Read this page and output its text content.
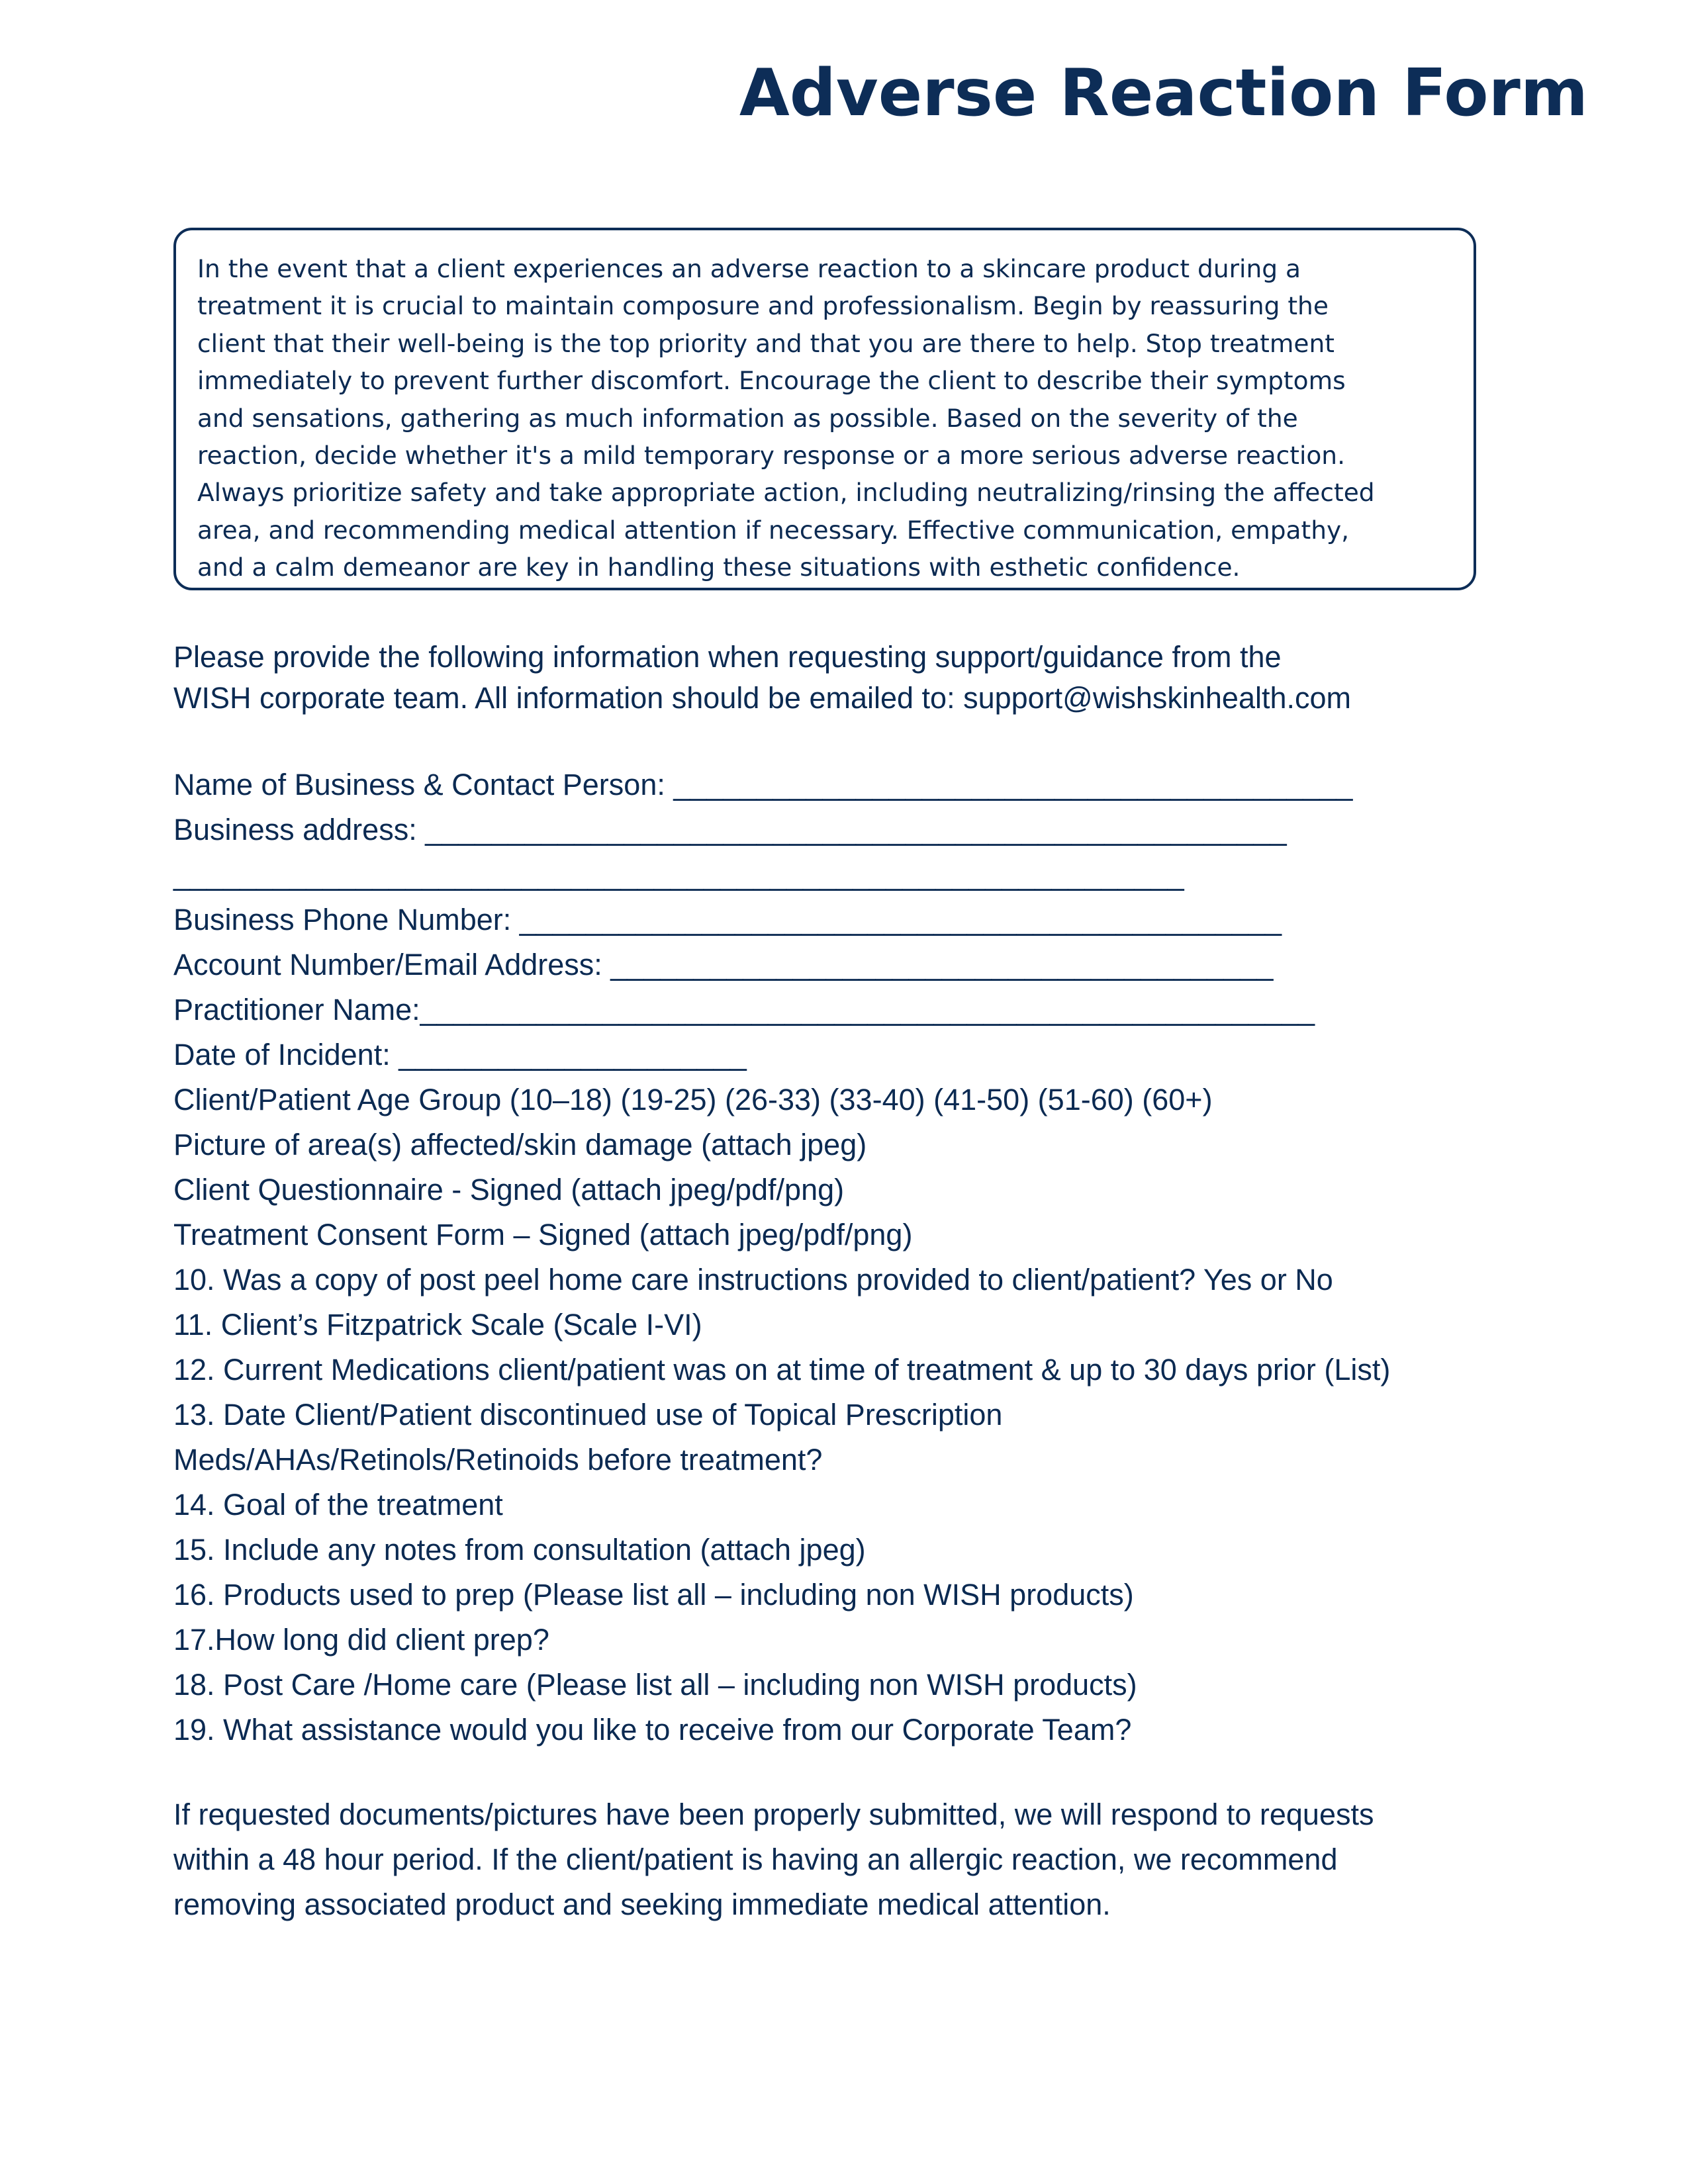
Adverse Reaction Form

In the event that a client experiences an adverse reaction to a skincare product during a
treatment it is crucial to maintain composure and professionalism. Begin by reassuring the
client that their well-being is the top priority and that you are there to help. Stop treatment
immediately to prevent further discomfort. Encourage the client to describe their symptoms
and sensations, gathering as much information as possible. Based on the severity of the
reaction, decide whether it's a mild temporary response or a more serious adverse reaction.
Always prioritize safety and take appropriate action, including neutralizing/rinsing the affected
area, and recommending medical attention if necessary. Effective communication, empathy,
and a calm demeanor are key in handling these situations with esthetic confidence.

Please provide the following information when requesting support/guidance from the
WISH corporate team. All information should be emailed to: support@wishskinhealth.com
Name of Business & Contact Person: _________________________________________
Business address: ____________________________________________________
_____________________________________________________________
Business Phone Number: ______________________________________________
Account Number/Email Address: ________________________________________
Practitioner Name:______________________________________________________
Date of Incident: _____________________
Client/Patient Age Group (10–18) (19-25) (26-33) (33-40) (41-50) (51-60) (60+)
Picture of area(s) affected/skin damage (attach jpeg)
Client Questionnaire - Signed (attach jpeg/pdf/png)
Treatment Consent Form – Signed (attach jpeg/pdf/png)
10. Was a copy of post peel home care instructions provided to client/patient? Yes or No
11. Client’s Fitzpatrick Scale (Scale I-VI)
12. Current Medications client/patient was on at time of treatment & up to 30 days prior (List)
13. Date Client/Patient discontinued use of Topical Prescription
Meds/AHAs/Retinols/Retinoids before treatment?
14. Goal of the treatment
15. Include any notes from consultation (attach jpeg)
16. Products used to prep (Please list all – including non WISH products)
17.How long did client prep?
18. Post Care /Home care (Please list all – including non WISH products)
19. What assistance would you like to receive from our Corporate Team?
If requested documents/pictures have been properly submitted, we will respond to requests
within a 48 hour period. If the client/patient is having an allergic reaction, we recommend
removing associated product and seeking immediate medical attention.
